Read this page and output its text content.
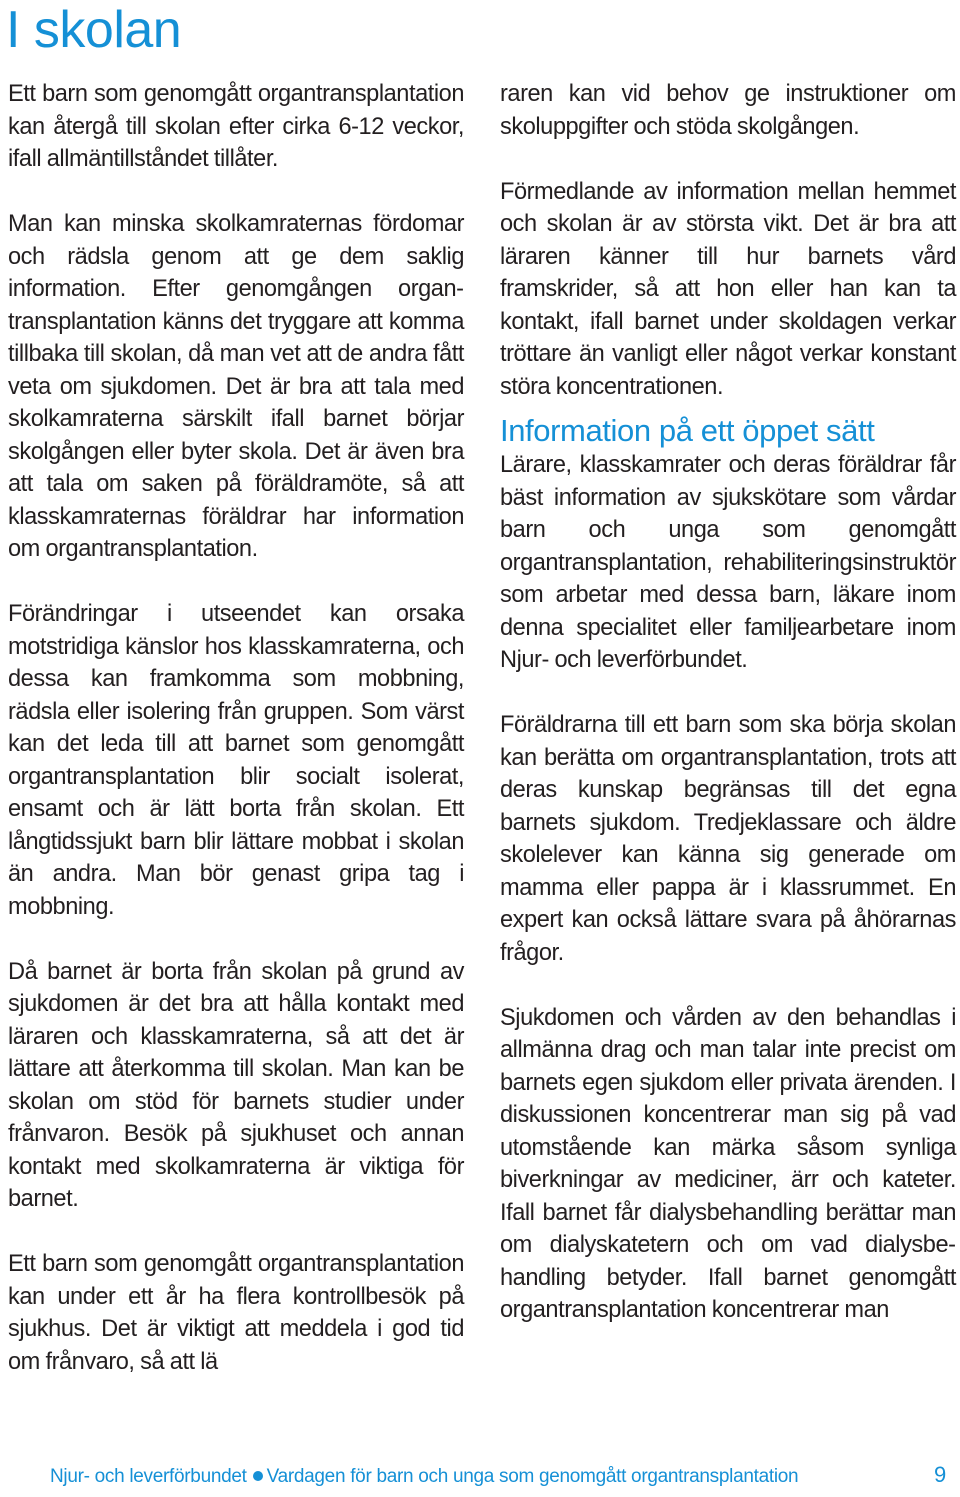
I skolan

Ett barn som genomgått organtransplantation kan återgå till skolan efter cirka 6-12 veckor, ifall allmäntillståndet tillåter.

Man kan minska skolkamraternas fördomar och rädsla genom att ge dem saklig information. Efter genomgången organtransplantation känns det tryggare att komma tillbaka till skolan, då man vet att de andra fått veta om sjukdomen. Det är bra att tala med skolkamraterna särskilt ifall barnet börjar skolgången eller byter skola. Det är även bra att tala om saken på föräldramöte, så att klasskamraternas föräldrar har information om organtransplantation.

Förändringar i utseendet kan orsaka motstridiga känslor hos klasskamraterna, och dessa kan framkomma som mobbning, rädsla eller isolering från gruppen. Som värst kan det leda till att barnet som genomgått organtransplantation blir socialt isolerat, ensamt och är lätt borta från skolan. Ett långtidssjukt barn blir lättare mobbat i skolan än andra. Man bör genast gripa tag i mobbning.

Då barnet är borta från skolan på grund av sjukdomen är det bra att hålla kontakt med läraren och klasskamraterna, så att det är lättare att återkomma till skolan. Man kan be skolan om stöd för barnets studier under frånvaron. Besök på sjukhuset och annan kontakt med skolkamraterna är viktiga för barnet.

Ett barn som genomgått organtransplantation kan under ett år ha flera kontrollbesök på sjukhus. Det är viktigt att meddela i god tid om frånvaro, så att lä

raren kan vid behov ge instruktioner om skoluppgifter och stöda skolgången.

Förmedlande av information mellan hemmet och skolan är av största vikt. Det är bra att läraren känner till hur barnets vård framskrider, så att hon eller han kan ta kontakt, ifall barnet under skoldagen verkar tröttare än vanligt eller något verkar konstant störa koncentrationen.

Information på ett öppet sätt

Lärare, klasskamrater och deras föräldrar får bäst information av sjukskötare som vårdar barn och unga som genomgått organtransplantation, rehabiliteringsinstruktör som arbetar med dessa barn, läkare inom denna specialitet eller familjearbetare inom Njur- och leverförbundet.

Föräldrarna till ett barn som ska börja skolan kan berätta om organtransplantation, trots att deras kunskap begränsas till det egna barnets sjukdom. Tredjeklassare och äldre skolelever kan känna sig generade om mamma eller pappa är i klassrummet. En expert kan också lättare svara på åhörarnas frågor.

Sjukdomen och vården av den behandlas i allmänna drag och man talar inte precist om barnets egen sjukdom eller privata ärenden. I diskussionen koncentrerar man sig på vad utomstående kan märka såsom synliga biverkningar av mediciner, ärr och kateter. Ifall barnet får dialysbehandling berättar man om dialyskatetern och om vad dialysbehandling betyder. Ifall barnet genomgått organtransplantation koncentrerar man

Njur- och leverförbundet Vardagen för barn och unga som genomgått organtransplantation	9
